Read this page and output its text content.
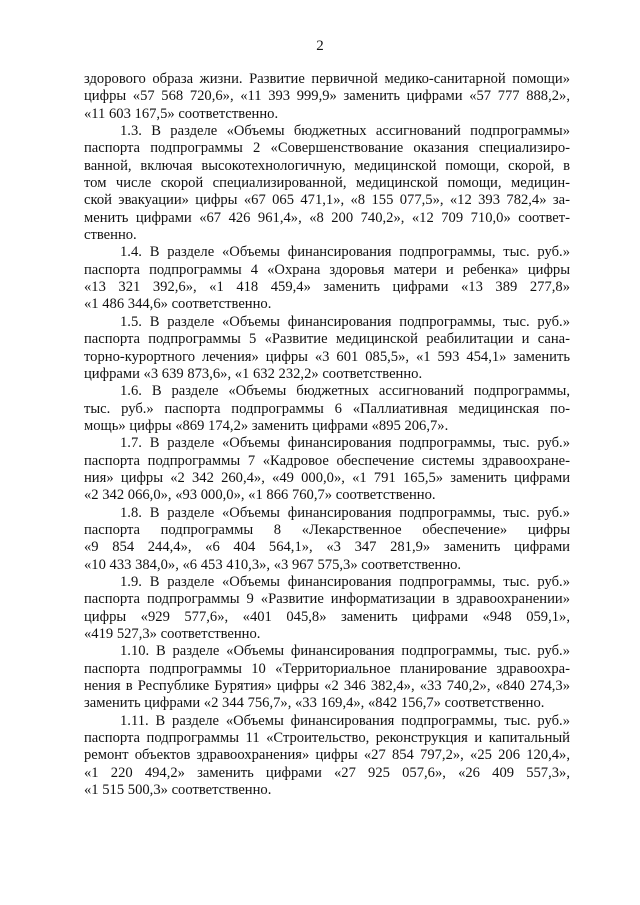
2
здорового образа жизни. Развитие первичной медико-санитарной помощи»
цифры «57 568 720,6», «11 393 999,9» заменить цифрами «57 777 888,2»,
«11 603 167,5» соответственно.
1.3. В разделе «Объемы бюджетных ассигнований подпрограммы»
паспорта подпрограммы 2 «Совершенствование оказания специализиро-
ванной, включая высокотехнологичную, медицинской помощи, скорой, в
том числе скорой специализированной, медицинской помощи, медицин-
ской эвакуации» цифры «67 065 471,1», «8 155 077,5», «12 393 782,4» за-
менить цифрами «67 426 961,4», «8 200 740,2», «12 709 710,0» соответ-
ственно.
1.4. В разделе «Объемы финансирования подпрограммы, тыс. руб.»
паспорта подпрограммы 4 «Охрана здоровья матери и ребенка» цифры
«13 321 392,6», «1 418 459,4» заменить цифрами «13 389 277,8»
«1 486 344,6» соответственно.
1.5. В разделе «Объемы финансирования подпрограммы, тыс. руб.»
паспорта подпрограммы 5 «Развитие медицинской реабилитации и сана-
торно-курортного лечения» цифры «3 601 085,5», «1 593 454,1» заменить
цифрами «3 639 873,6», «1 632 232,2» соответственно.
1.6. В разделе «Объемы бюджетных ассигнований подпрограммы,
тыс. руб.» паспорта подпрограммы 6 «Паллиативная медицинская по-
мощь» цифры «869 174,2» заменить цифрами «895 206,7».
1.7. В разделе «Объемы финансирования подпрограммы, тыс. руб.»
паспорта подпрограммы 7 «Кадровое обеспечение системы здравоохране-
ния» цифры «2 342 260,4», «49 000,0», «1 791 165,5» заменить цифрами
«2 342 066,0», «93 000,0», «1 866 760,7» соответственно.
1.8. В разделе «Объемы финансирования подпрограммы, тыс. руб.»
паспорта подпрограммы 8 «Лекарственное обеспечение» цифры
«9 854 244,4», «6 404 564,1», «3 347 281,9» заменить цифрами
«10 433 384,0», «6 453 410,3», «3 967 575,3» соответственно.
1.9. В разделе «Объемы финансирования подпрограммы, тыс. руб.»
паспорта подпрограммы 9 «Развитие информатизации в здравоохранении»
цифры «929 577,6», «401 045,8» заменить цифрами «948 059,1»,
«419 527,3» соответственно.
1.10. В разделе «Объемы финансирования подпрограммы, тыс. руб.»
паспорта подпрограммы 10 «Территориальное планирование здравоохра-
нения в Республике Бурятия» цифры «2 346 382,4», «33 740,2», «840 274,3»
заменить цифрами «2 344 756,7», «33 169,4», «842 156,7» соответственно.
1.11. В разделе «Объемы финансирования подпрограммы, тыс. руб.»
паспорта подпрограммы 11 «Строительство, реконструкция и капитальный
ремонт объектов здравоохранения» цифры «27 854 797,2», «25 206 120,4»,
«1 220 494,2» заменить цифрами «27 925 057,6», «26 409 557,3»,
«1 515 500,3» соответственно.
